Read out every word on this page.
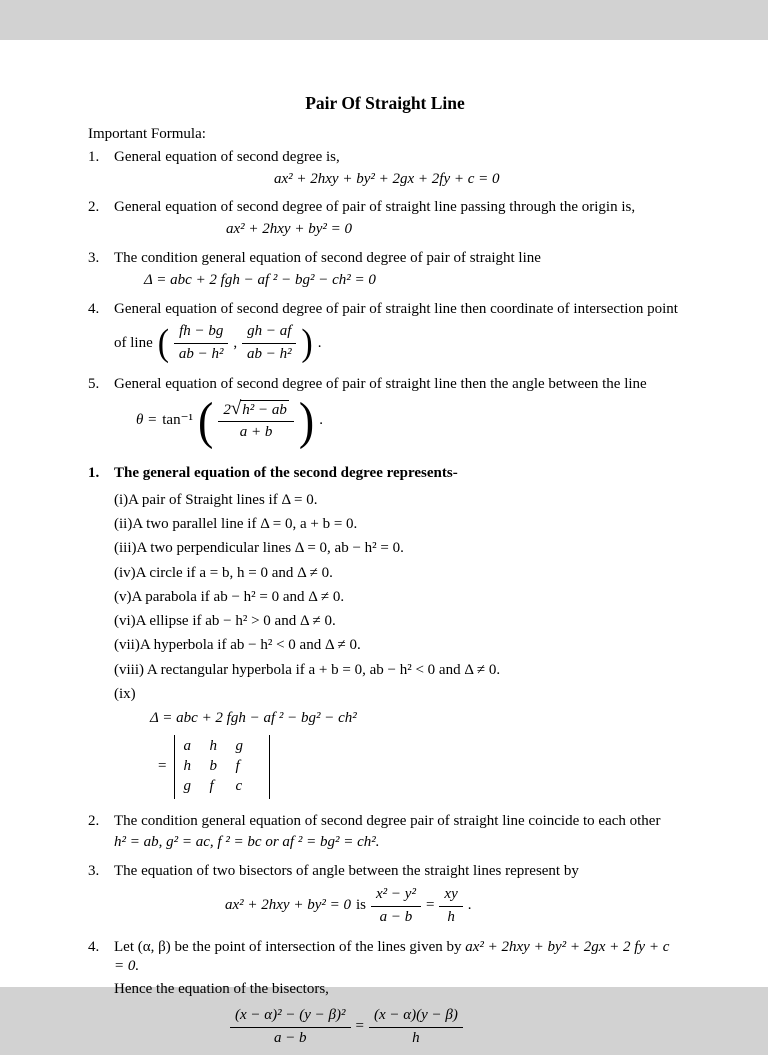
Pair Of Straight Line
Important Formula:
1. General equation of second degree is,
ax² + 2hxy + by² + 2gx + 2fy + c = 0
2. General equation of second degree of pair of straight line passing through the origin is,
ax² + 2hxy + by² = 0
3. The condition general equation of second degree of pair of straight line
Δ = abc + 2 fgh − af ² − bg² − ch² = 0
4. General equation of second degree of pair of straight line then coordinate of intersection point
of line ( $\frac{fh - bg}{\text{ab − h²}}$ , $\frac{gh - af}{\text{ab − h²}}$ ) .
5. General equation of second degree of pair of straight line then the angle between the line
θ = tan⁻¹ ( $\frac{\text{2 √ h² − ab}}{a + b}$ ) .
1. The general equation of the second degree represents-
(i)A pair of Straight lines if Δ = 0.
(ii)A two parallel line if Δ = 0, a + b = 0.
(iii)A two perpendicular lines Δ = 0, ab − h² = 0.
(iv)A circle if a = b, h = 0 and Δ ≠ 0.
(v)A parabola if ab − h² = 0 and Δ ≠ 0.
(vi)A ellipse if ab − h² > 0 and Δ ≠ 0.
(vii)A hyperbola if ab − h² < 0 and Δ ≠ 0.
(viii) A rectangular hyperbola if a + b = 0, ab − h² < 0 and Δ ≠ 0.
(ix)
Δ = abc + 2 fgh − af ² − bg² − ch²
=
a	h	g
h	b	f
g	f	c
2. The condition general equation of second degree pair of straight line coincide to each other
h² = ab, g² = ac, f ² = bc or af ² = bg² = ch².
3. The equation of two bisectors of angle between the straight lines represent by
ax² + 2hxy + by² = 0 is $\frac{\text{x² − y²}}{a - b} = \frac{xy}{h}$ .
4. Let (α, β) be the point of intersection of the lines given by ax² + 2hxy + by² + 2gx + 2 fy + c = 0.
Hence the equation of the bisectors,
$\frac{\text{(x − α)² − (y − β)²}}{a - b} = \frac{(x - \alpha)(y - \beta)}{h}$
